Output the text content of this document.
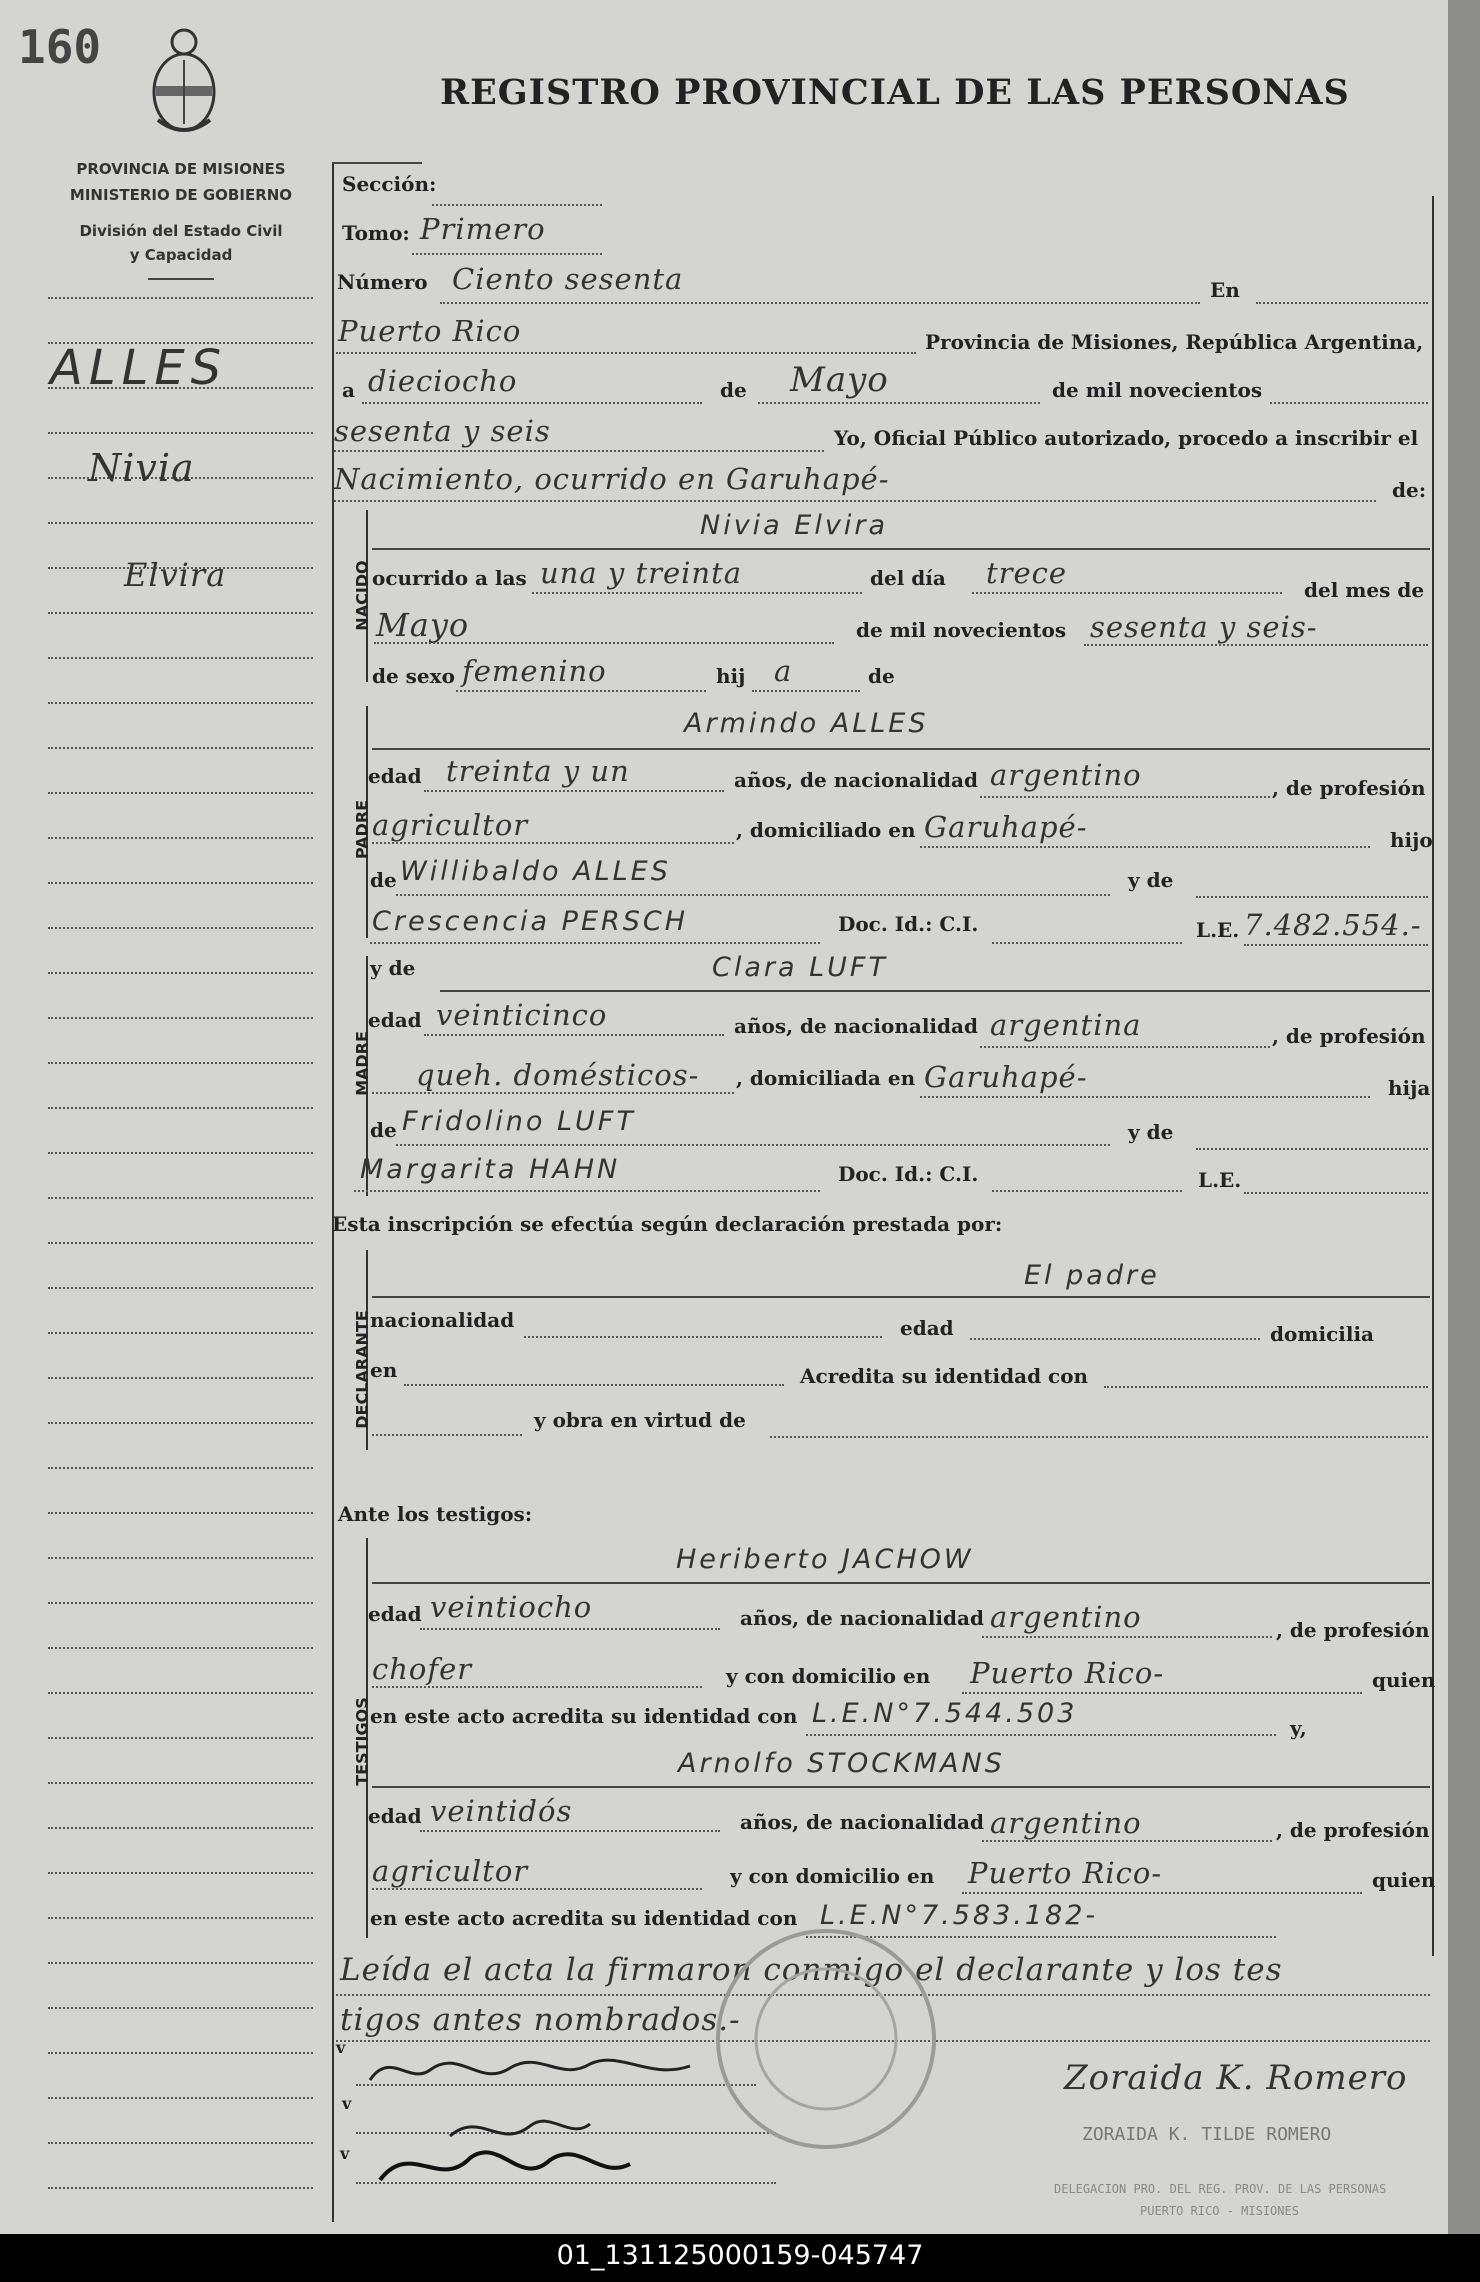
160
REGISTRO PROVINCIAL DE LAS PERSONAS
PROVINCIA DE MISIONES
MINISTERIO DE GOBIERNO
División del Estado Civil
y Capacidad
ALLES
Nivia
Elvira
Sección:
Tomo: Primero
Número Ciento sesenta	En
Puerto Rico	Provincia de Misiones, República Argentina,
a dieciocho	de Mayo	de mil novecientos
sesenta y seis	Yo, Oficial Público autorizado, procedo a inscribir el
Nacimiento, ocurrido en Garuhapé-	de:
NACIDO
Nivia Elvira
ocurrido a las una y treinta	del día trece	del mes de
Mayo	de mil novecientos sesenta y seis-
de sexo femenino	hij a	de
PADRE
Armindo ALLES
edad treinta y un	años, de nacionalidad argentino	, de profesión
agricultor	, domiciliado en Garuhapé-	hijo
de Willibaldo ALLES	y de
Crescencia PERSCH	Doc. Id.: C.I.	L.E. 7.482.554.-
MADRE
y de	Clara LUFT
edad veinticinco	años, de nacionalidad argentina	, de profesión
queh. domésticos- , domiciliada en Garuhapé-	hija
de Fridolino LUFT	y de
Margarita HAHN	Doc. Id.: C.I.	L.E.
Esta inscripción se efectúa según declaración prestada por:
DECLARANTE
El padre
nacionalidad	edad	domicilia
en	Acredita su identidad con
y obra en virtud de
Ante los testigos:
TESTIGOS
Heriberto JACHOW
edad veintiocho	años, de nacionalidad argentino	, de profesión
chofer	y con domicilio en Puerto Rico-	quien
en este acto acredita su identidad con L.E.N°7.544.503	y,
Arnolfo STOCKMANS
edad veintidós	años, de nacionalidad argentino	, de profesión
agricultor	y con domicilio en Puerto Rico-	quien
en este acto acredita su identidad con L.E.N°7.583.182-
Leída el acta la firmaron conmigo el declarante y los tes
tigos antes nombrados.-
v
v
v
Zoraida K. Romero
ZORAIDA K. TILDE ROMERO
DELEGACION PRO. DEL REG. PROV. DE LAS PERSONAS
PUERTO RICO - MISIONES
01_131125000159-045747
